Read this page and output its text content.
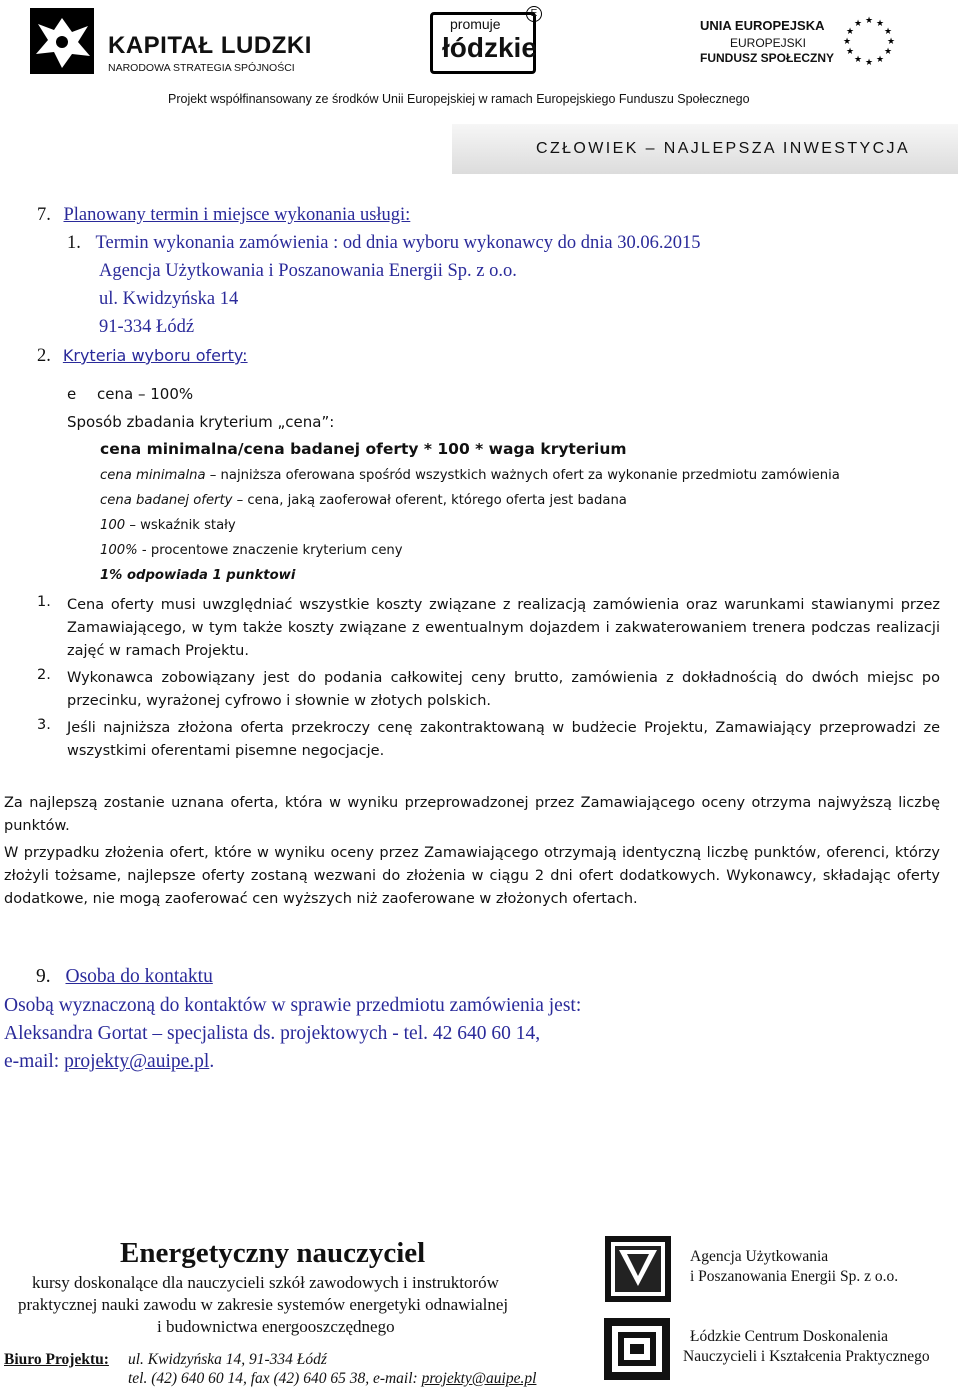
KAPITAŁ LUDZKI
NARODOWA STRATEGIA SPÓJNOŚCI
promuje
łódzkie
E
UNIA EUROPEJSKA
EUROPEJSKI
FUNDUSZ SPOŁECZNY
★ ★
★
★
★
★
★
★
★
★
★
★
Projekt współfinansowany ze środków Unii Europejskiej w ramach Europejskiego Funduszu Społecznego
CZŁOWIEK – NAJLEPSZA INWESTYCJA
7. Planowany termin i miejsce wykonania usługi:
1. Termin wykonania zamówienia : od dnia wyboru wykonawcy do dnia 30.06.2015
Agencja Użytkowania i Poszanowania Energii Sp. z o.o.
ul. Kwidzyńska 14
91-334 Łódź
2. Kryteria wyboru oferty:
e cena – 100%
Sposób zbadania kryterium „cena”:
cena minimalna/cena badanej oferty * 100 * waga kryterium
cena minimalna – najniższa oferowana spośród wszystkich ważnych ofert za wykonanie przedmiotu zamówienia
cena badanej oferty – cena, jaką zaoferował oferent, którego oferta jest badana
100 – wskaźnik stały
100% - procentowe znaczenie kryterium ceny
1% odpowiada 1 punktowi
1. Cena oferty musi uwzględniać wszystkie koszty związane z realizacją zamówienia oraz warunkami stawianymi przez Zamawiającego, w tym także koszty związane z ewentualnym dojazdem i zakwaterowaniem trenera podczas realizacji zajęć w ramach Projektu.
2. Wykonawca zobowiązany jest do podania całkowitej ceny brutto, zamówienia z dokładnością do dwóch miejsc po przecinku, wyrażonej cyfrowo i słownie w złotych polskich.
3. Jeśli najniższa złożona oferta przekroczy cenę zakontraktowaną w budżecie Projektu, Zamawiający przeprowadzi ze wszystkimi oferentami pisemne negocjacje.
Za najlepszą zostanie uznana oferta, która w wyniku przeprowadzonej przez Zamawiającego oceny otrzyma najwyższą liczbę punktów.
W przypadku złożenia ofert, które w wyniku oceny przez Zamawiającego otrzymają identyczną liczbę punktów, oferenci, którzy złożyli tożsame, najlepsze oferty zostaną wezwani do złożenia w ciągu 2 dni ofert dodatkowych. Wykonawcy, składając oferty dodatkowe, nie mogą zaoferować cen wyższych niż zaoferowane w złożonych ofertach.
9. Osoba do kontaktu
Osobą wyznaczoną do kontaktów w sprawie przedmiotu zamówienia jest:
Aleksandra Gortat – specjalista ds. projektowych - tel. 42 640 60 14,
e-mail: projekty@auipe.pl.
Energetyczny nauczyciel
kursy doskonalące dla nauczycieli szkół zawodowych i instruktorów
praktycznej nauki zawodu w zakresie systemów energetyki odnawialnej
i budownictwa energooszczędnego
Biuro Projektu: ul. Kwidzyńska 14, 91-334 Łódź
tel. (42) 640 60 14, fax (42) 640 65 38, e-mail: projekty@auipe.pl
Agencja Użytkowania
i Poszanowania Energii Sp. z o.o.
Łódzkie Centrum Doskonalenia
Nauczycieli i Kształcenia Praktycznego
